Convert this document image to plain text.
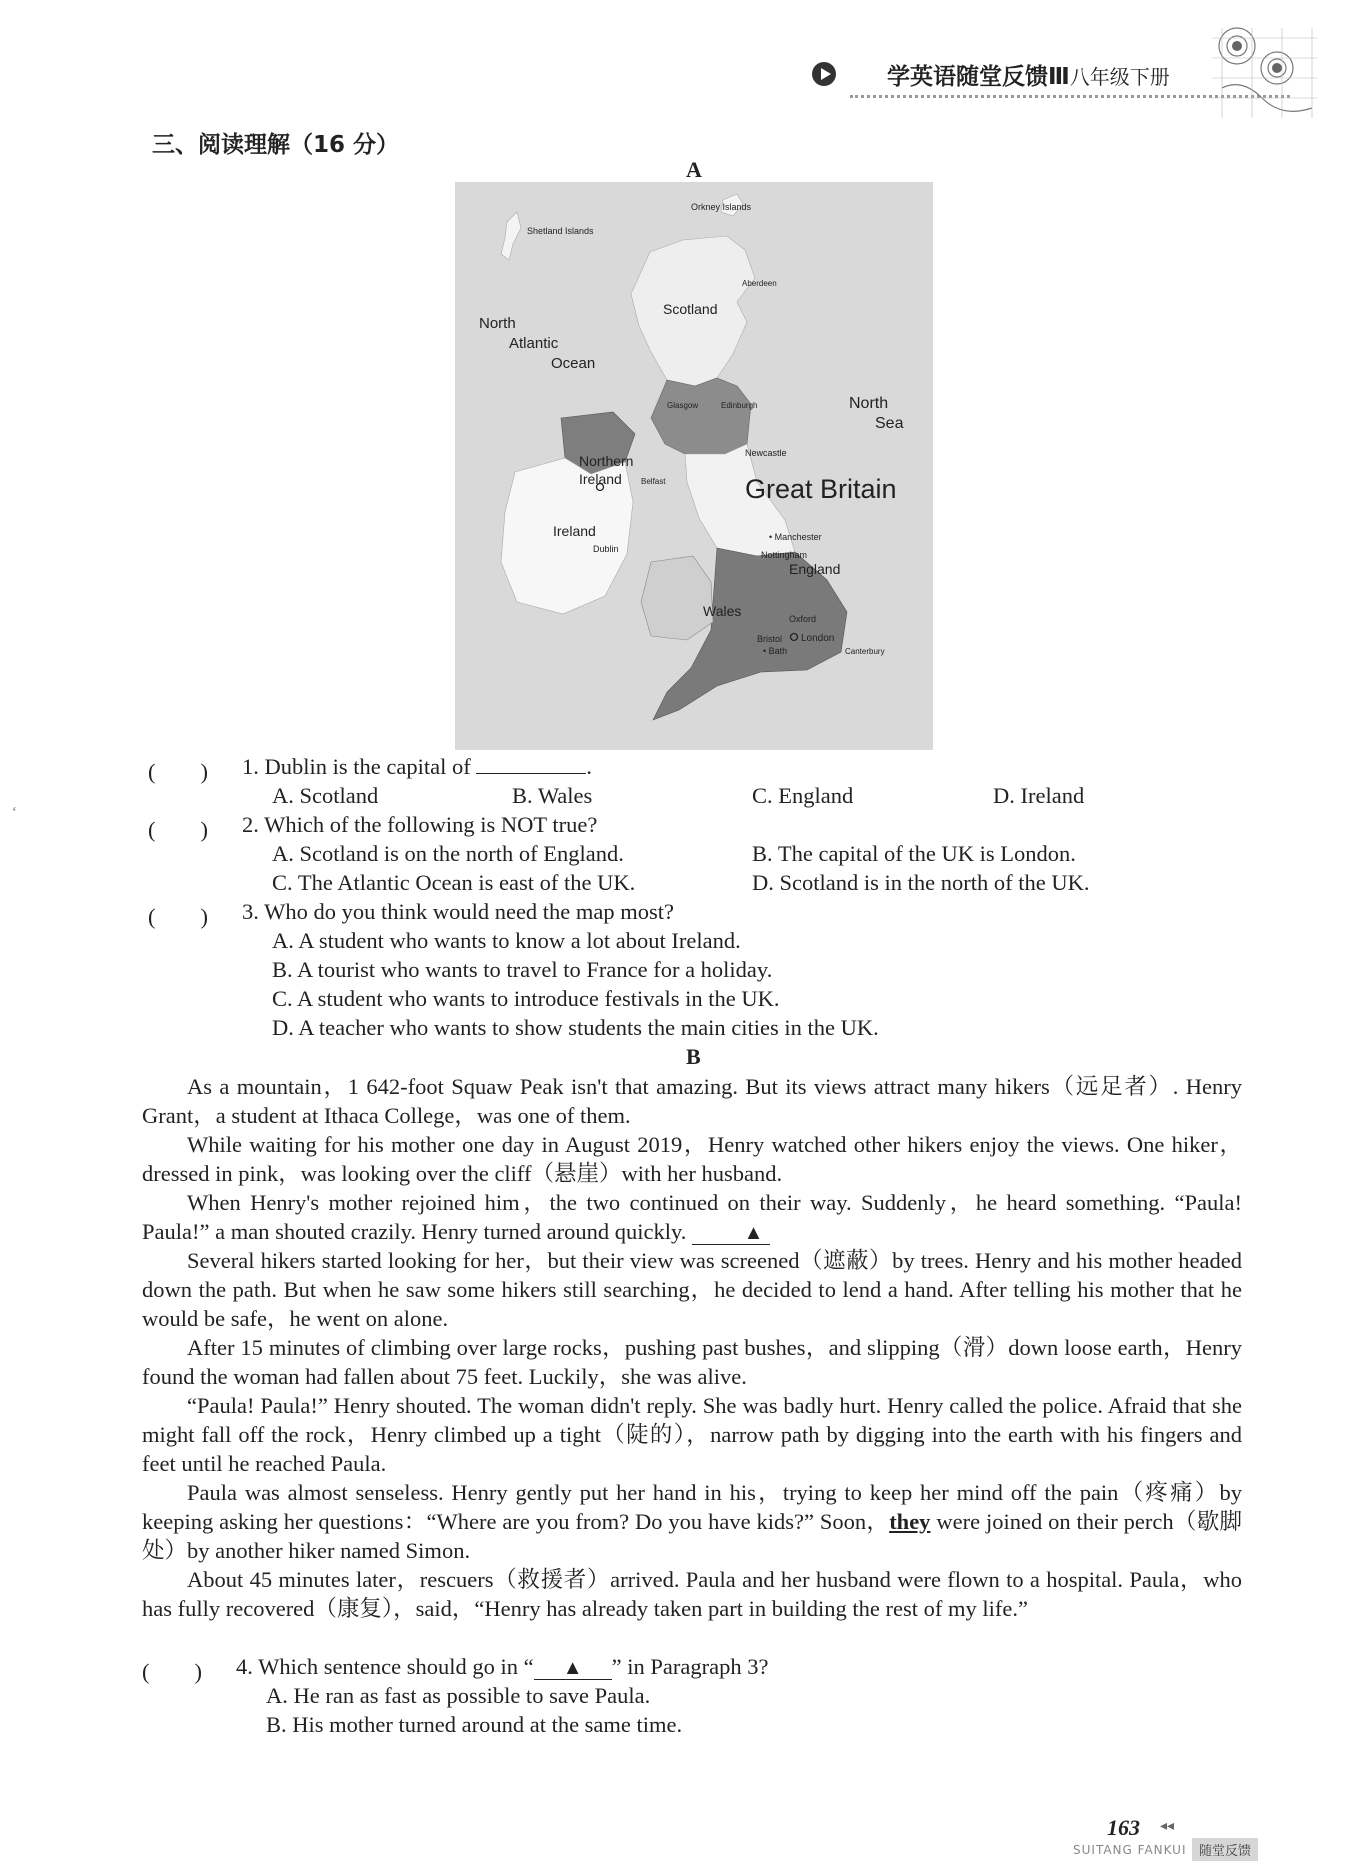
学英语随堂反馈Ⅲ八年级下册
三、阅读理解（16 分）
A
Orkney Islands
Shetland Islands
Aberdeen
Scotland
North
Atlantic
Ocean
Glasgow	Edinburgh	North
Sea
Northern
Ireland Belfast
Newcastle
Great Britain
Ireland
Dublin
• Manchester
Nottingham
England
Wales	Oxford
Bristol
• Bath
London
Canterbury
(　　) 1. Dublin is the capital of	.
A. Scotland	B. Wales	C. England	D. Ireland
(　　) 2. Which of the following is NOT true?
A. Scotland is on the north of England.	B. The capital of the UK is London.
C. The Atlantic Ocean is east of the UK.	D. Scotland is in the north of the UK.
(　　) 3. Who do you think would need the map most?
A. A student who wants to know a lot about Ireland.
B. A tourist who wants to travel to France for a holiday.
C. A student who wants to introduce festivals in the UK.
D. A teacher who wants to show students the main cities in the UK.
B

As a mountain，1 642-foot Squaw Peak isn't that amazing. But its views attract many hikers（远足者）. Henry Grant，a student at Ithaca College，was one of them.

While waiting for his mother one day in August 2019，Henry watched other hikers enjoy the views. One hiker，dressed in pink，was looking over the cliff（悬崖）with her husband.

When Henry's mother rejoined him，the two continued on their way. Suddenly，he heard something. “Paula! Paula!” a man shouted crazily. Henry turned around quickly.	▲

Several hikers started looking for her，but their view was screened（遮蔽）by trees. Henry and his mother headed down the path. But when he saw some hikers still searching，he decided to lend a hand. After telling his mother that he would be safe，he went on alone.

After 15 minutes of climbing over large rocks，pushing past bushes，and slipping（滑）down loose earth，Henry found the woman had fallen about 75 feet. Luckily，she was alive.

“Paula! Paula!” Henry shouted. The woman didn't reply. She was badly hurt. Henry called the police. Afraid that she might fall off the rock，Henry climbed up a tight（陡的），narrow path by digging into the earth with his fingers and feet until he reached Paula.

Paula was almost senseless. Henry gently put her hand in his，trying to keep her mind off the pain（疼痛）by keeping asking her questions：“Where are you from? Do you have kids?” Soon，they were joined on their perch（歇脚处）by another hiker named Simon.

About 45 minutes later，rescuers（救援者）arrived. Paula and her husband were flown to a hospital. Paula，who has fully recovered（康复），said，“Henry has already taken part in building the rest of my life.”

(　　) 4. Which sentence should go in “ ▲ ” in Paragraph 3?
A. He ran as fast as possible to save Paula.
B. His mother turned around at the same time.
163 ◂◂
SUITANG FANKUI 随堂反馈
‘
